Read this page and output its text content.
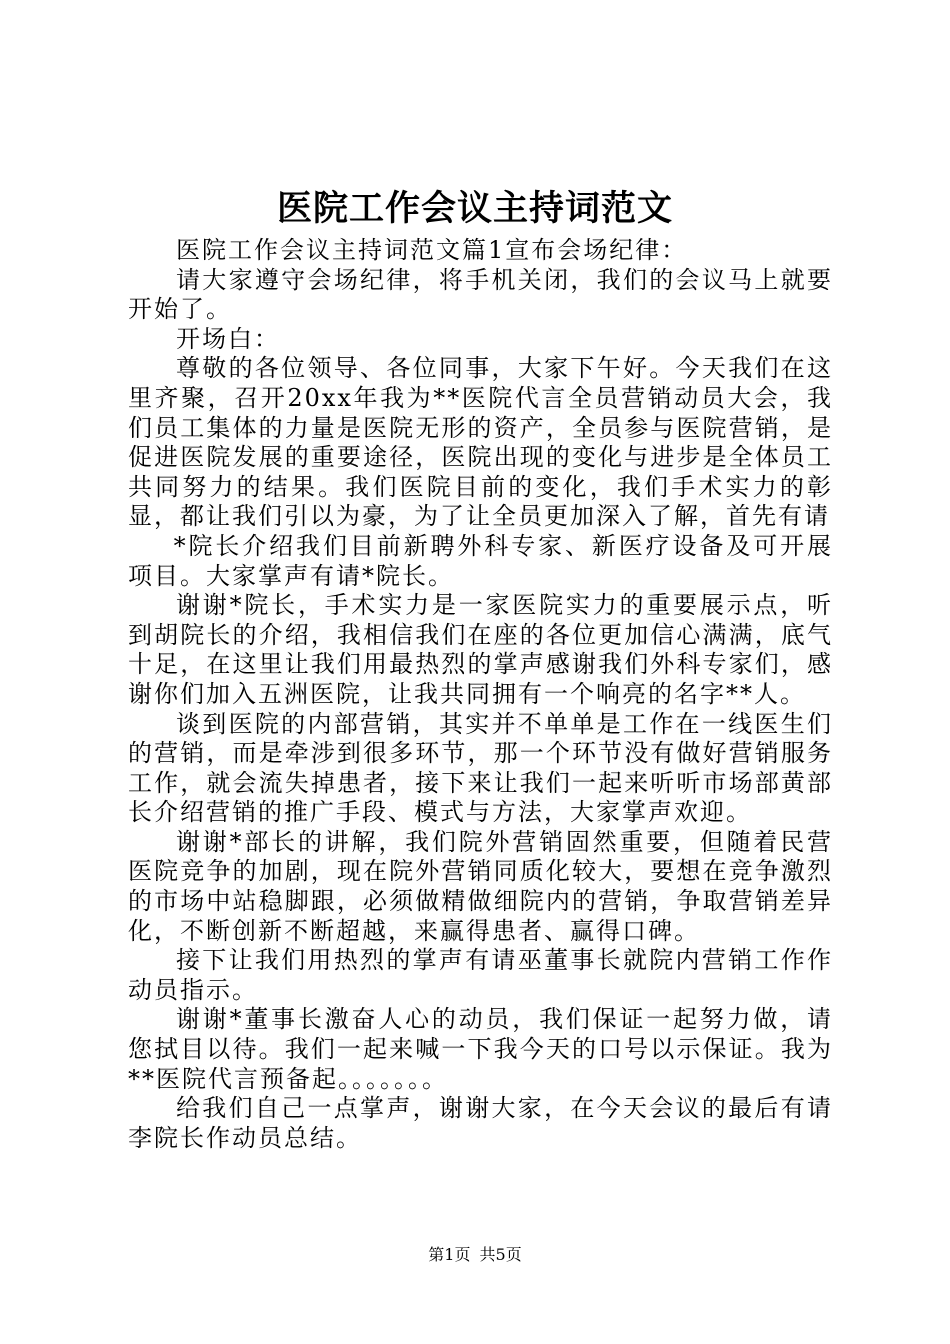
医院工作会议主持词范文

医院工作会议主持词范文篇1宣布会场纪律：

请大家遵守会场纪律，将手机关闭，我们的会议马上就要开始了。

开场白：

尊敬的各位领导、各位同事，大家下午好。今天我们在这里齐聚，召开20xx年我为**医院代言全员营销动员大会，我们员工集体的力量是医院无形的资产，全员参与医院营销，是促进医院发展的重要途径，医院出现的变化与进步是全体员工共同努力的结果。我们医院目前的变化，我们手术实力的彰显，都让我们引以为豪，为了让全员更加深入了解，首先有请

*院长介绍我们目前新聘外科专家、新医疗设备及可开展项目。大家掌声有请*院长。

谢谢*院长，手术实力是一家医院实力的重要展示点，听到胡院长的介绍，我相信我们在座的各位更加信心满满，底气十足，在这里让我们用最热烈的掌声感谢我们外科专家们，感谢你们加入五洲医院，让我共同拥有一个响亮的名字**人。

谈到医院的内部营销，其实并不单单是工作在一线医生们的营销，而是牵涉到很多环节，那一个环节没有做好营销服务工作，就会流失掉患者，接下来让我们一起来听听市场部黄部长介绍营销的推广手段、模式与方法，大家掌声欢迎。

谢谢*部长的讲解，我们院外营销固然重要，但随着民营医院竞争的加剧，现在院外营销同质化较大，要想在竞争激烈的市场中站稳脚跟，必须做精做细院内的营销，争取营销差异化，不断创新不断超越，来赢得患者、赢得口碑。

接下让我们用热烈的掌声有请巫董事长就院内营销工作作动员指示。

谢谢*董事长激奋人心的动员，我们保证一起努力做，请您拭目以待。我们一起来喊一下我今天的口号以示保证。我为**医院代言预备起。。。。。。。

给我们自己一点掌声，谢谢大家，在今天会议的最后有请李院长作动员总结。

第1页 共5页
